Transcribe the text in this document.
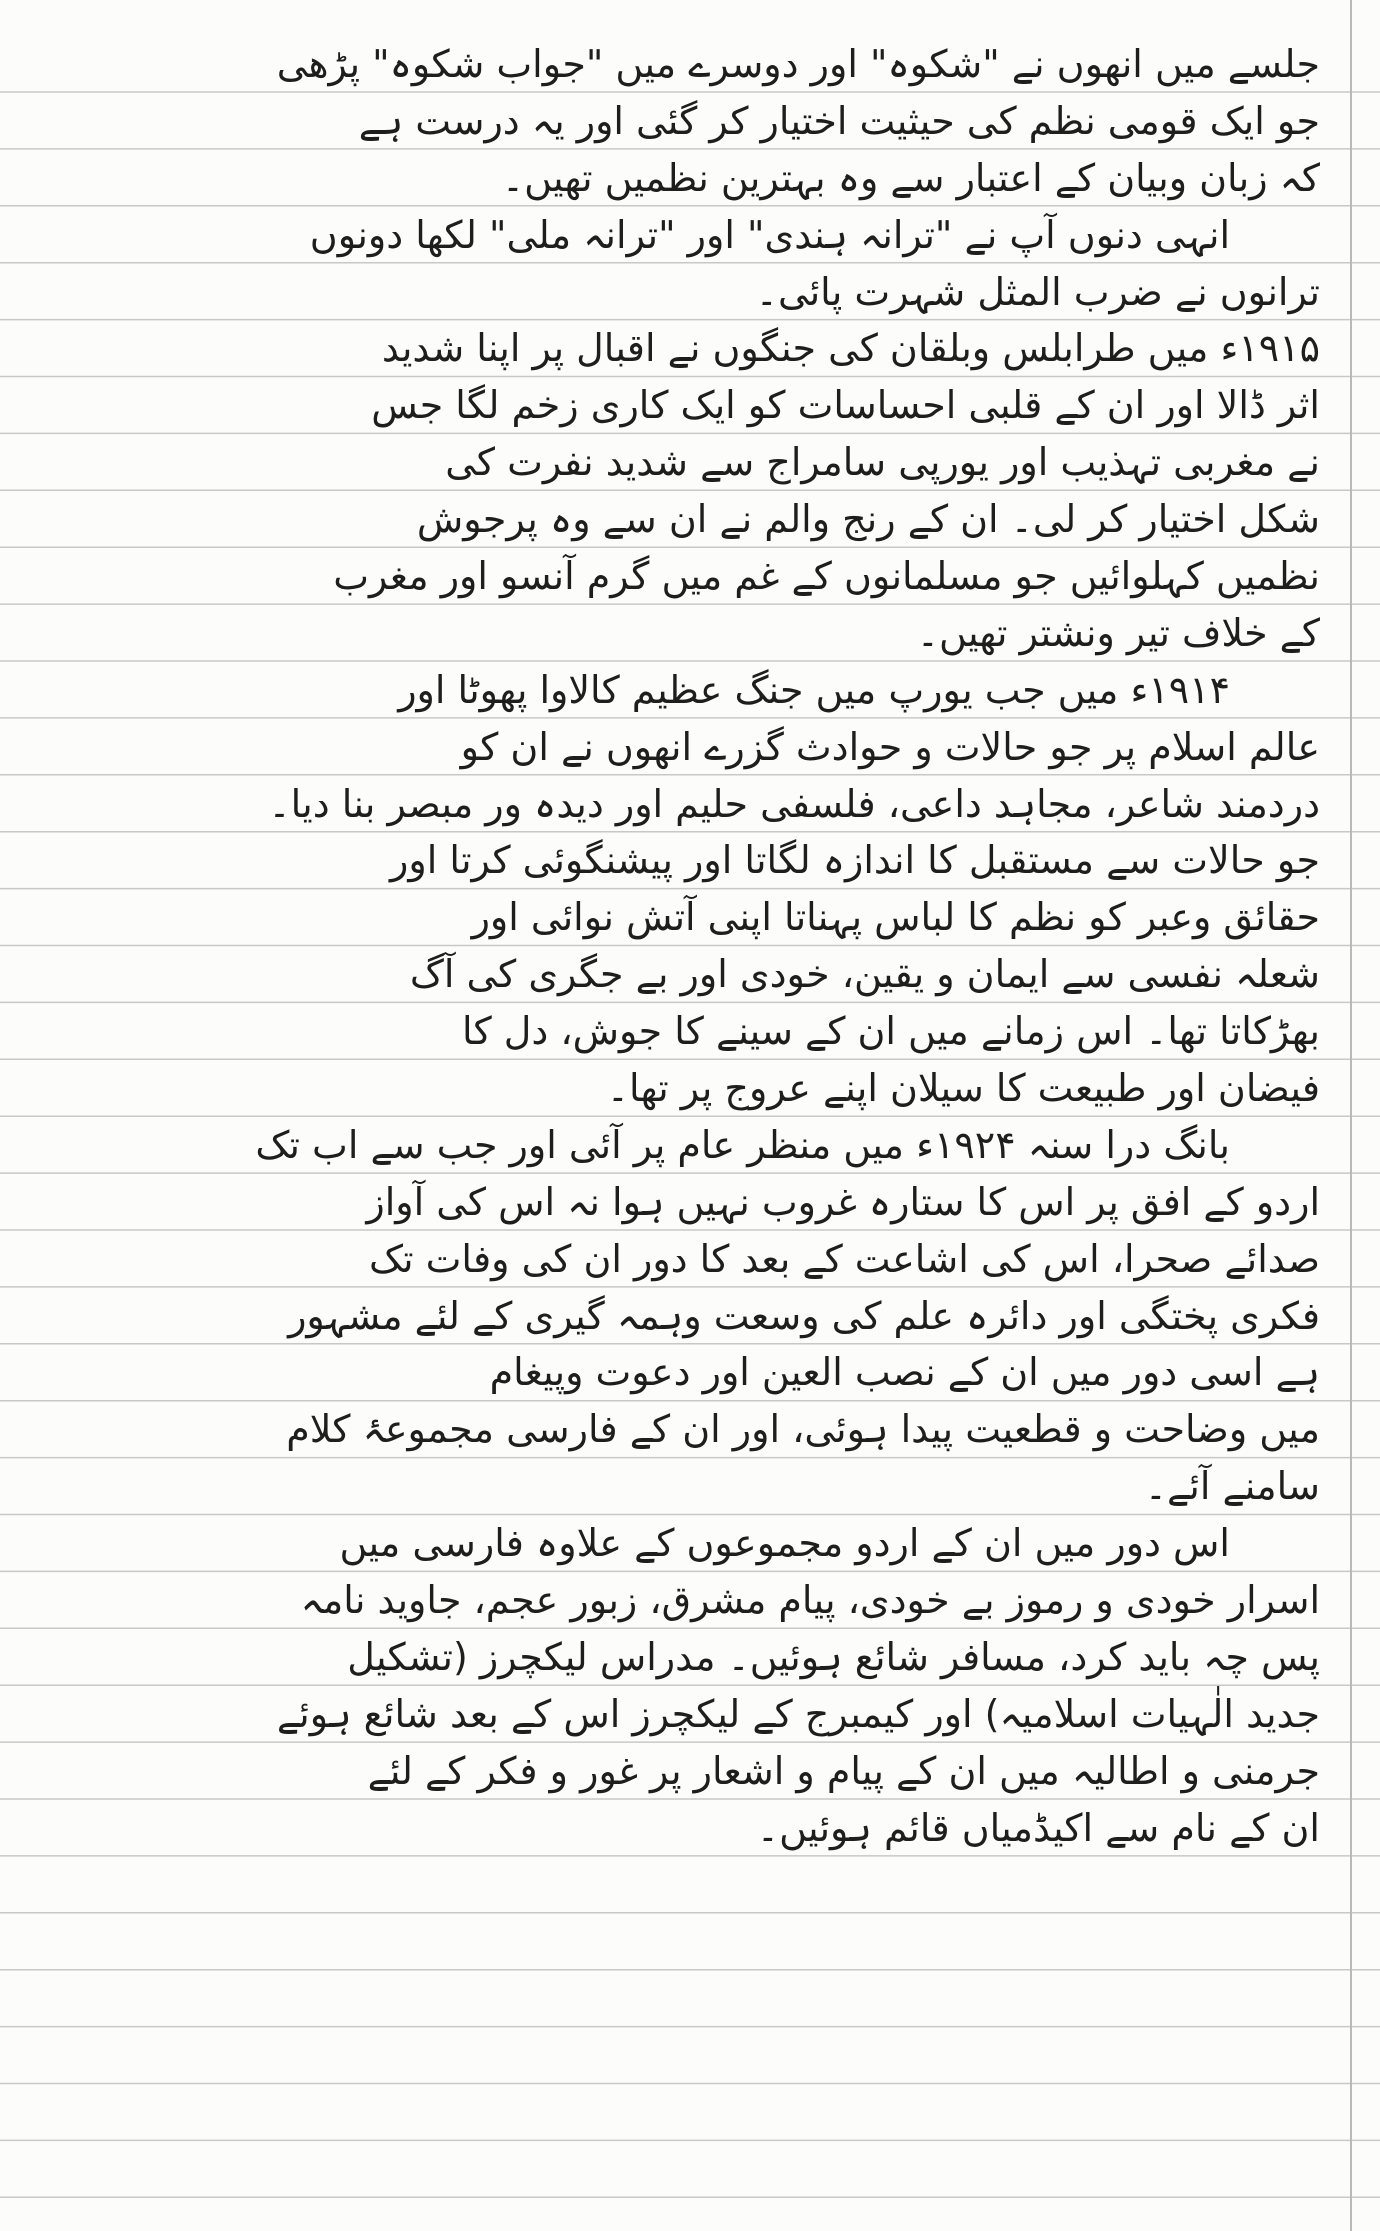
جلسے میں انھوں نے "شکوہ" اور دوسرے میں "جواب شکوہ" پڑھی
جو ایک قومی نظم کی حیثیت اختیار کر گئی اور یہ درست ہے
کہ زبان وبیان کے اعتبار سے وہ بہترین نظمیں تھیں۔
انہی دنوں آپ نے "ترانہ ہندی" اور "ترانہ ملی" لکھا دونوں
ترانوں نے ضرب المثل شہرت پائی۔
۱۹۱۵ء میں طرابلس وبلقان کی جنگوں نے اقبال پر اپنا شدید
اثر ڈالا اور ان کے قلبی احساسات کو ایک کاری زخم لگا جس
نے مغربی تہذیب اور یورپی سامراج سے شدید نفرت کی
شکل اختیار کر لی۔ ان کے رنج والم نے ان سے وہ پرجوش
نظمیں کہلوائیں جو مسلمانوں کے غم میں گرم آنسو اور مغرب
کے خلاف تیر ونشتر تھیں۔
۱۹۱۴ء میں جب یورپ میں جنگ عظیم کالاوا پھوٹا اور
عالم اسلام پر جو حالات و حوادث گزرے انھوں نے ان کو
دردمند شاعر، مجاہد داعی، فلسفی حلیم اور دیدہ ور مبصر بنا دیا۔
جو حالات سے مستقبل کا اندازہ لگاتا اور پیشنگوئی کرتا اور
حقائق وعبر کو نظم کا لباس پہناتا اپنی آتش نوائی اور
شعلہ نفسی سے ایمان و یقین، خودی اور بے جگری کی آگ
بھڑکاتا تھا۔ اس زمانے میں ان کے سینے کا جوش، دل کا
فیضان اور طبیعت کا سیلان اپنے عروج پر تھا۔
بانگ درا سنہ ۱۹۲۴ء میں منظر عام پر آئی اور جب سے اب تک
اردو کے افق پر اس کا ستارہ غروب نہیں ہوا نہ اس کی آواز
صدائے صحرا، اس کی اشاعت کے بعد کا دور ان کی وفات تک
فکری پختگی اور دائرہ علم کی وسعت وہمہ گیری کے لئے مشہور
ہے اسی دور میں ان کے نصب العین اور دعوت وپیغام
میں وضاحت و قطعیت پیدا ہوئی، اور ان کے فارسی مجموعۂ کلام
سامنے آئے۔
اس دور میں ان کے اردو مجموعوں کے علاوہ فارسی میں
اسرار خودی و رموز بے خودی، پیام مشرق، زبور عجم، جاوید نامہ
پس چہ باید کرد، مسافر شائع ہوئیں۔ مدراس لیکچرز (تشکیل
جدید الٰہیات اسلامیہ) اور کیمبرج کے لیکچرز اس کے بعد شائع ہوئے
جرمنی و اطالیہ میں ان کے پیام و اشعار پر غور و فکر کے لئے
ان کے نام سے اکیڈمیاں قائم ہوئیں۔
